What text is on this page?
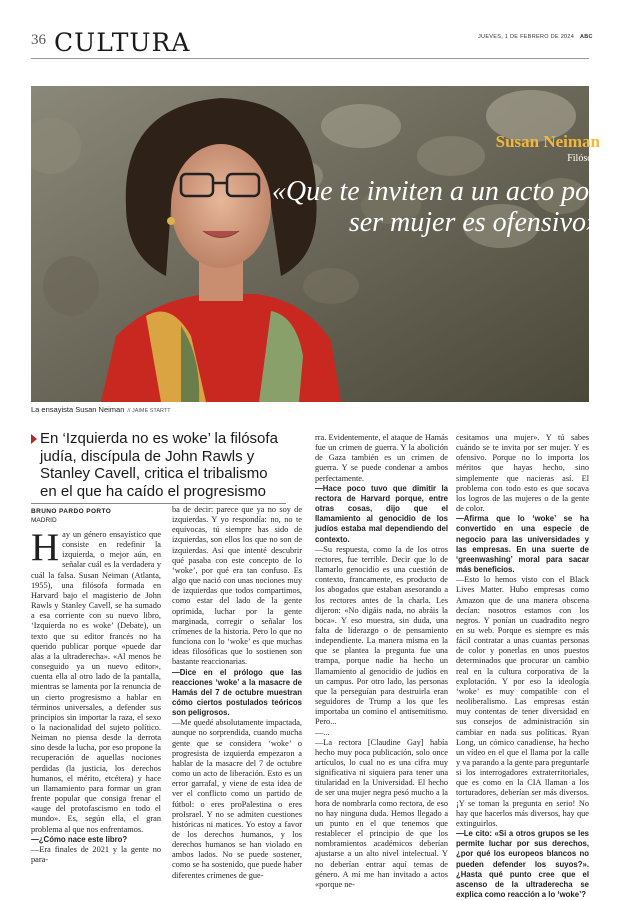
36 CULTURA	JUEVES, 1 DE FEBRERO DE 2024 ABC
Susan Neiman
Filósofa
«Que te inviten a un acto por ser mujer es ofensivo»
La ensayista Susan Neiman // JAIME STARTT
En ‘Izquierda no es woke’ la filósofa judía, discípula de John Rawls y Stanley Cavell, critica el tribalismo en el que ha caído el progresismo
BRUNO PARDO PORTO
MADRID

Hay un género ensayístico que consiste en redefinir la izquierda, o mejor aún, en señalar cuál es la verdadera y cuál la falsa. Susan Neiman (Atlanta, 1955), una filósofa formada en Harvard bajo el magisterio de John Rawls y Stanley Cavell, se ha sumado a esa corriente con su nuevo libro, ‘Izquierda no es woke’ (Debate), un texto que su editor francés no ha querido publicar porque «puede dar alas a la ultraderecha». «Al menos he conseguido ya un nuevo editor», cuenta ella al otro lado de la pantalla, mientras se lamenta por la renuncia de un cierto progresismo a hablar en términos universales, a defender sus principios sin importar la raza, el sexo o la nacionalidad del sujeto político. Neiman no piensa desde la derrota sino desde la lucha, por eso propone la recuperación de aquellas nociones perdidas (la justicia, los derechos humanos, el mérito, etcétera) y hace un llamamiento para formar un gran frente popular que consiga frenar el «auge del protofascismo en todo el mundo». Es, según ella, el gran problema al que nos enfrentamos.

—¿Cómo nace este libro?

—Era finales de 2021 y la gente no para-

ba de decir: parece que ya no soy de izquierdas. Y yo respondía: no, no te equivocas, tú siempre has sido de izquierdas, son ellos los que no son de izquierdas. Así que intenté descubrir qué pasaba con este concepto de lo ‘woke’, por qué era tan confuso. Es algo que nació con unas nociones muy de izquierdas que todos compartimos, como estar del lado de la gente oprimida, luchar por la gente marginada, corregir o señalar los crímenes de la historia. Pero lo que no funciona con lo ‘woke’ es que muchas ideas filosóficas que lo sostienen son bastante reaccionarias.

—Dice en el prólogo que las reacciones ‘woke’ a la masacre de Hamás del 7 de octubre muestran cómo ciertos postulados teóricos son peligrosos.

—Me quedé absolutamente impactada, aunque no sorprendida, cuando mucha gente que se considera ‘woke’ o progresista de izquierda empezaron a hablar de la masacre del 7 de octubre como un acto de liberación. Esto es un error garrafal, y viene de esta idea de ver el conflicto como un partido de fútbol: o eres proPalestina o eres proIsrael. Y no se admiten cuestiones históricas ni matices. Yo estoy a favor de los derechos humanos, y los derechos humanos se han violado en ambos lados. No se puede sostener, como se ha sostenido, que puede haber diferentes crímenes de gue-

rra. Evidentemente, el ataque de Hamás fue un crimen de guerra. Y la abolición de Gaza también es un crimen de guerra. Y se puede condenar a ambos perfectamente.

—Hace poco tuvo que dimitir la rectora de Harvard porque, entre otras cosas, dijo que el llamamiento al genocidio de los judíos estaba mal dependiendo del contexto.

—Su respuesta, como la de los otros rectores, fue terrible. Decir que lo de llamarlo genocidio es una cuestión de contexto, francamente, es producto de los abogados que estaban asesorando a los rectores antes de la charla. Les dijeron: «No digáis nada, no abráis la boca». Y eso muestra, sin duda, una falta de liderazgo o de pensamiento independiente. La manera misma en la que se plantea la pregunta fue una trampa, porque nadie ha hecho un llamamiento al genocidio de judíos en un campus. Por otro lado, las personas que la perseguían para destruirla eran seguidores de Trump a los que les importaba un comino el antisemitismo. Pero...

—...

—La rectora [Claudine Gay] había hecho muy poca publicación, solo once artículos, lo cual no es una cifra muy significativa ni siquiera para tener una titularidad en la Universidad. El hecho de ser una mujer negra pesó mucho a la hora de nombrarla como rectora, de eso no hay ninguna duda. Hemos llegado a un punto en el que tenemos que restablecer el principio de que los nombramientos académicos deberían ajustarse a un alto nivel intelectual. Y no deberían entrar aquí temas de género. A mí me han invitado a actos «porque ne-

cesitamos una mujer». Y tú sabes cuándo se te invita por ser mujer. Y es ofensivo. Porque no lo importa los méritos que hayas hecho, sino simplemente que nacieras así. El problema con todo esto es que socava los logros de las mujeres o de la gente de color.

—Afirma que lo ‘woke’ se ha convertido en una especie de negocio para las universidades y las empresas. En una suerte de ‘greenwashing’ moral para sacar más beneficios.

—Esto lo hemos visto con el Black Lives Matter. Hubo empresas como Amazon que de una manera obscena decían: nosotros estamos con los negros. Y ponían un cuadradito negro en su web. Porque es siempre es más fácil contratar a unas cuantas personas de color y ponerlas en unos puestos determinados que procurar un cambio real en la cultura corporativa de la explotación. Y por eso la ideología ‘woke’ es muy compatible con el neoliberalismo. Las empresas están muy contentas de tener diversidad en sus consejos de administración sin cambiar en nada sus políticas. Ryan Long, un cómico canadiense, ha hecho un vídeo en el que el llama por la calle y va parando a la gente para preguntarle si los interrogadores extraterritoriales, que es como en la CIA llaman a los torturadores, deberían ser más diversos. ¡Y se toman la pregunta en serio! No hay que hacerlos más diversos, hay que extinguirlos.

—Le cito: «Si a otros grupos se les permite luchar por sus derechos, ¿por qué los europeos blancos no pueden defender los suyos?». ¿Hasta qué punto cree que el ascenso de la ultraderecha se explica como reacción a lo ‘woke’?
